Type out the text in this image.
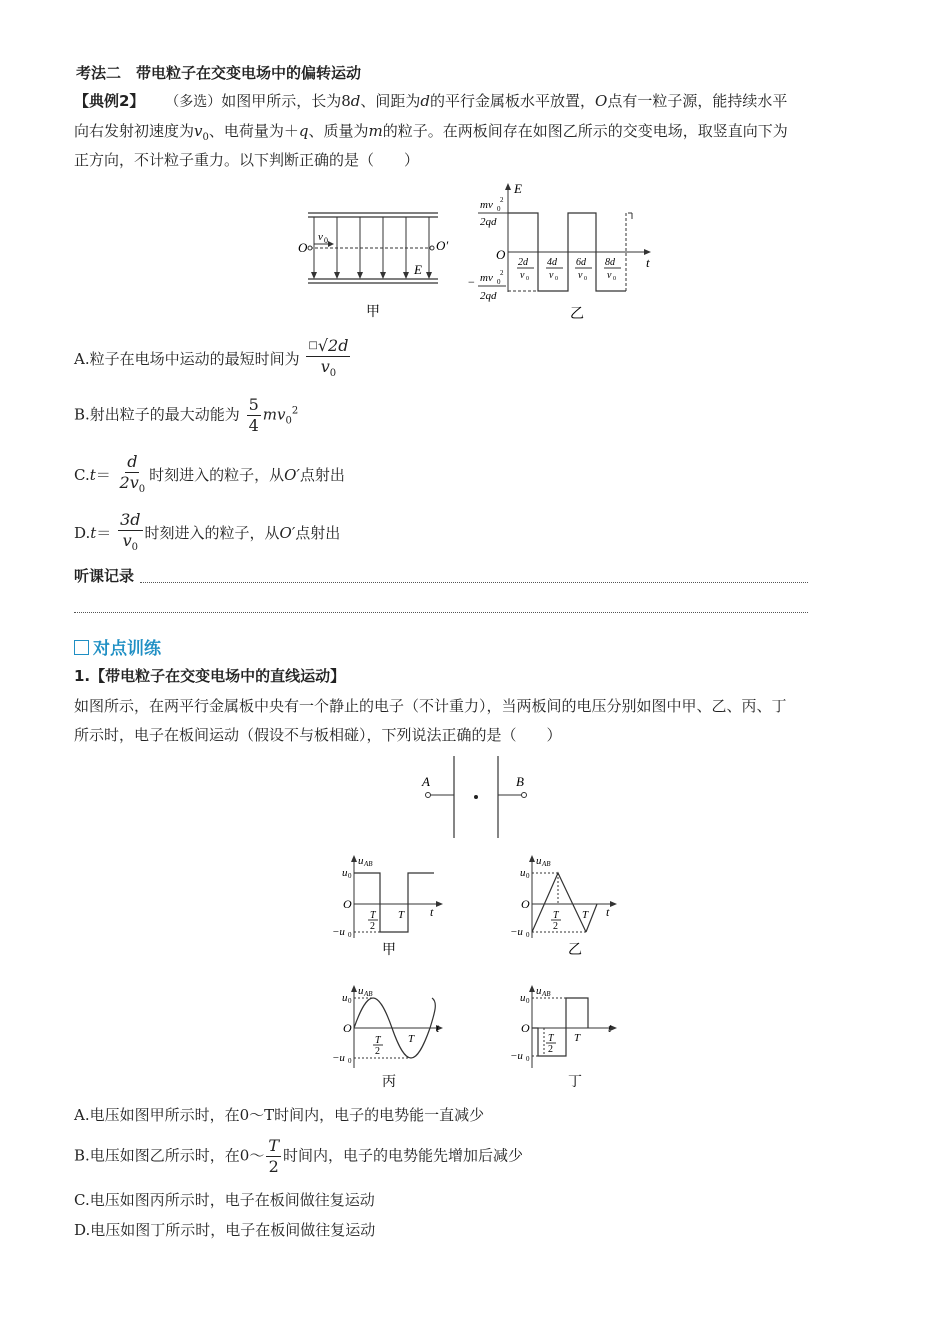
考法二　带电粒子在交变电场中的偏转运动
【典例2】 （多选）如图甲所示，长为8d、间距为d的平行金属板水平放置，O点有一粒子源，能持续水平
向右发射初速度为$v_0$、电荷量为＋q、质量为m的粒子。在两板间存在如图乙所示的交变电场，取竖直向下为
正方向，不计粒子重力。以下判断正确的是（　　）
O	O′
v 0
E
甲
E
t
O
mv 2
0
2qd
− mv 2
0
2qd
2d
v 0
4d
v 0
6d
v 0
8d
v 0
乙
A.粒子在电场中运动的最短时间为 $\frac{^□√2d}{v_0}$
B.射出粒子的最大动能为 $\frac{5}{4} mv_0^2$
$C.t= \frac{d}{2v_0}$ 时刻进入的粒子，从O′点射出
$D.t= \frac{3d}{v_0}$ 时刻进入的粒子，从O′点射出
听课记录
对点训练
1.【带电粒子在交变电场中的直线运动】
如图所示，在两平行金属板中央有一个静止的电子（不计重力），当两板间的电压分别如图中甲、乙、丙、丁
所示时，电子在板间运动（假设不与板相碰），下列说法正确的是（　　）
A	B
u AB
u 0
−u 0
O
t
T
2
T
甲
u AB
u 0
−u 0
O
t
T
2
T
乙
u AB
u 0
−u 0
O	t
T
2
T
丙
u AB
u 0
−u 0
O	t
T
2
T
丁
A.电压如图甲所示时，在0～T时间内，电子的电势能一直减少
B.电压如图乙所示时，在0～ $\frac{T}{2}$ 时间内，电子的电势能先增加后减少
C.电压如图丙所示时，电子在板间做往复运动
D.电压如图丁所示时，电子在板间做往复运动
